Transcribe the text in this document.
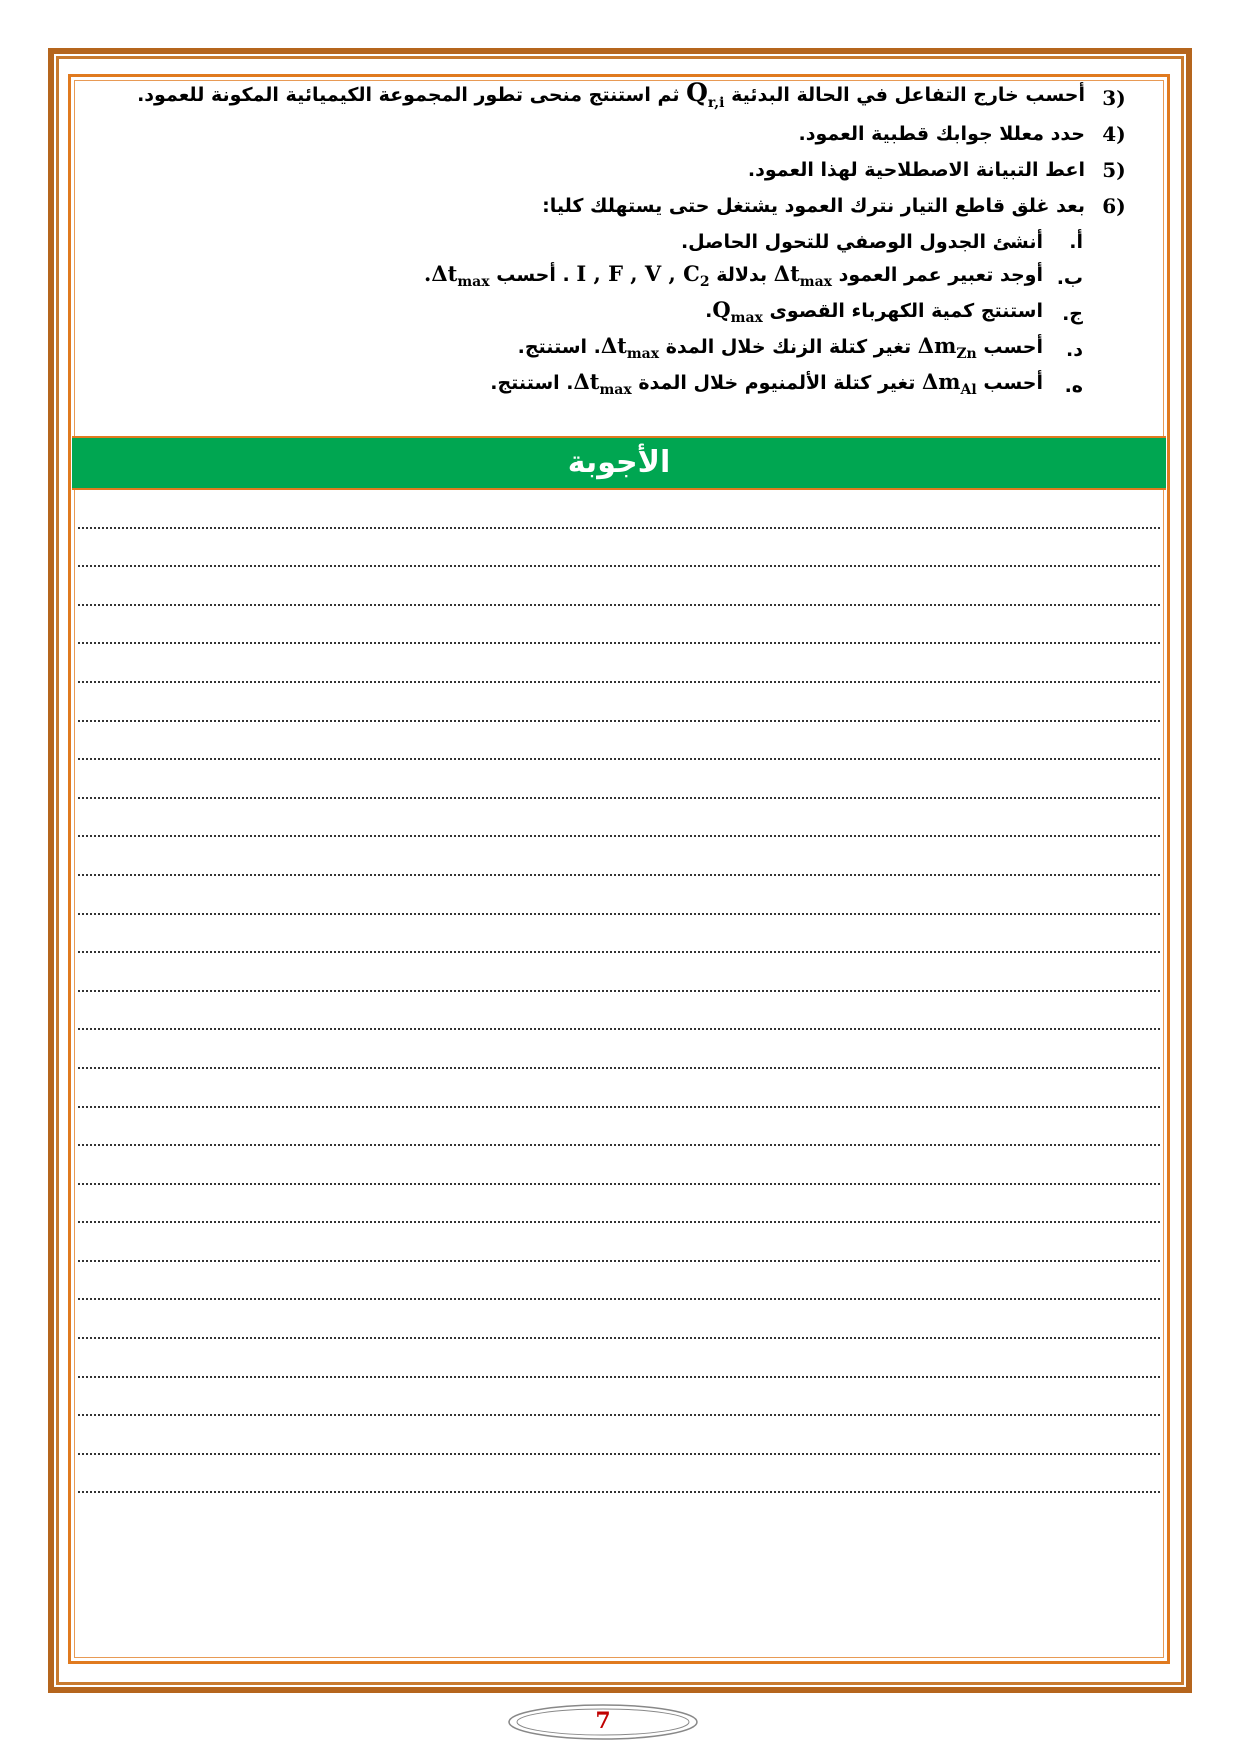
3)
أحسب خارج التفاعل في الحالة البدئية $Q_{r,i}$ ثم استنتج منحى تطور المجموعة الكيميائية المكونة للعمود.
4)
حدد معللا جوابك قطبية العمود.
5)
اعط التبيانة الاصطلاحية لهذا العمود.
6)
بعد غلق قاطع التيار نترك العمود يشتغل حتى يستهلك كليا:
أ.
أنشئ الجدول الوصفي للتحول الحاصل.
ب.
أوجد تعبير عمر العمود $\Delta t_{max}$ بدلالة I , F , V , $C_2$ . أحسب $\Delta t_{max}$.
ج.
استنتج كمية الكهرباء القصوى $Q_{max}$.
د.
أحسب $\Delta m_{Zn}$ تغير كتلة الزنك خلال المدة $\Delta t_{max}$. استنتج.
ه.
أحسب $\Delta m_{Al}$ تغير كتلة الألمنيوم خلال المدة $\Delta t_{max}$. استنتج.
الأجوبة
7
